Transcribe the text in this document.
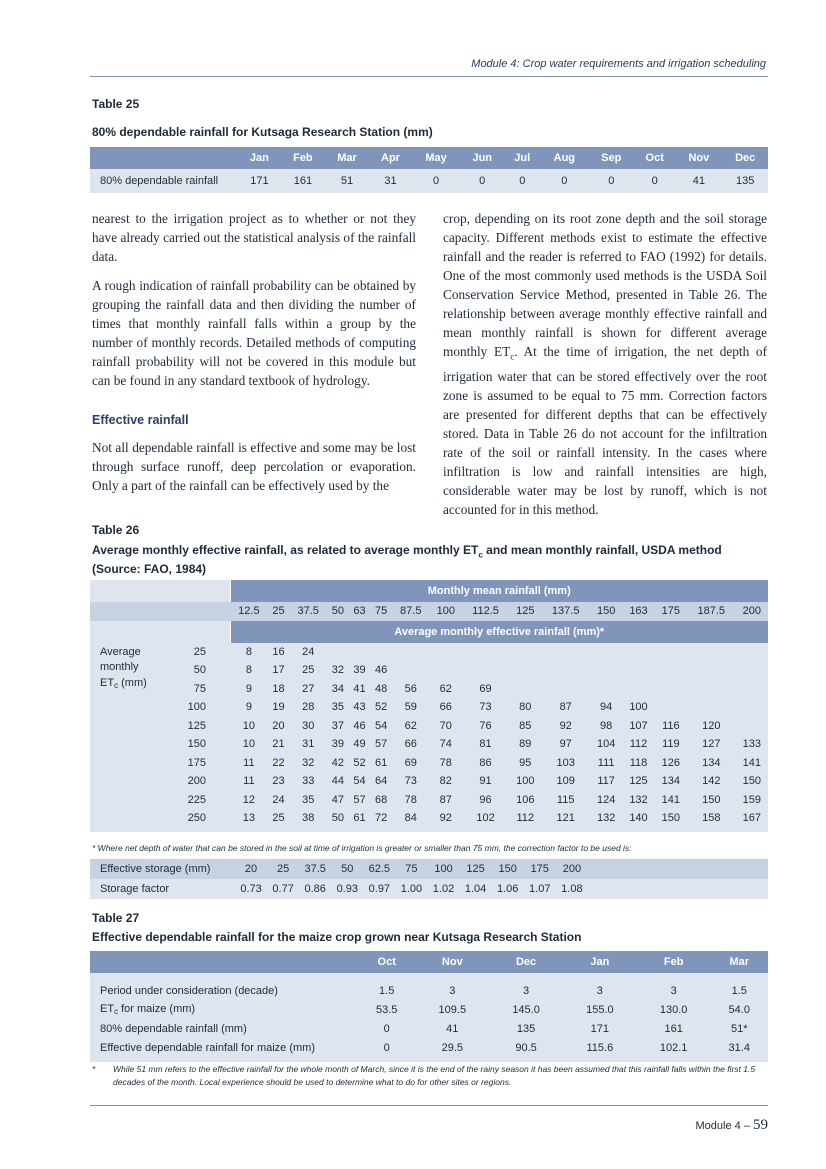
Module 4: Crop water requirements and irrigation scheduling
Table 25
80% dependable rainfall for Kutsaga Research Station (mm)
	Jan	Feb	Mar	Apr	May	Jun	Jul	Aug	Sep	Oct	Nov	Dec
80% dependable rainfall	171	161	51	31	0	0	0	0	0	0	41	135

nearest to the irrigation project as to whether or not they have already carried out the statistical analysis of the rainfall data.

A rough indication of rainfall probability can be obtained by grouping the rainfall data and then dividing the number of times that monthly rainfall falls within a group by the number of monthly records. Detailed methods of computing rainfall probability will not be covered in this module but can be found in any standard textbook of hydrology.

Effective rainfall

Not all dependable rainfall is effective and some may be lost through surface runoff, deep percolation or evaporation. Only a part of the rainfall can be effectively used by the

crop, depending on its root zone depth and the soil storage capacity. Different methods exist to estimate the effective rainfall and the reader is referred to FAO (1992) for details. One of the most commonly used methods is the USDA Soil Conservation Service Method, presented in Table 26. The relationship between average monthly effective rainfall and mean monthly rainfall is shown for different average monthly $ET_c$. At the time of irrigation, the net depth of irrigation water that can be stored effectively over the root zone is assumed to be equal to 75 mm. Correction factors are presented for different depths that can be effectively stored. Data in Table 26 do not account for the infiltration rate of the soil or rainfall intensity. In the cases where infiltration is low and rainfall intensities are high, considerable water may be lost by runoff, which is not accounted for in this method.

Table 26
Average monthly effective rainfall, as related to average monthly $ET_c$ and mean monthly rainfall, USDA method
(Source: FAO, 1984)
		Monthly mean rainfall (mm)															
		12.5	25	37.5	50	63	75	87.5	100	112.5	125	137.5	150	163	175	187.5	200
		Average monthly effective rainfall (mm)*															

Average
monthly
$ET_c$ (mm)	25	8	16	24													
	50	8	17	25	32	39	46										
	75	9	18	27	34	41	48	56	62	69							
	100	9	19	28	35	43	52	59	66	73	80	87	94	100			
	125	10	20	30	37	46	54	62	70	76	85	92	98	107	116	120	
	150	10	21	31	39	49	57	66	74	81	89	97	104	112	119	127	133
	175	11	22	32	42	52	61	69	78	86	95	103	111	118	126	134	141
	200	11	23	33	44	54	64	73	82	91	100	109	117	125	134	142	150
	225	12	24	35	47	57	68	78	87	96	106	115	124	132	141	150	159
	250	13	25	38	50	61	72	84	92	102	112	121	132	140	150	158	167
* Where net depth of water that can be stored in the soil at time of irrigation is greater or smaller than 75 mm, the correction factor to be used is:
Effective storage (mm)	20	25	37.5	50	62.5	75	100	125	150	175	200	
Storage factor	0.73	0.77	0.86	0.93	0.97	1.00	1.02	1.04	1.06	1.07	1.08	
Table 27
Effective dependable rainfall for the maize crop grown near Kutsaga Research Station
	Oct	Nov	Dec	Jan	Feb	Mar

Period under consideration (decade)	1.5	3	3	3	3	1.5
$ET_c$ for maize (mm)	53.5	109.5	145.0	155.0	130.0	54.0
80% dependable rainfall (mm)	0	41	135	171	161	51*
Effective dependable rainfall for maize (mm)	0	29.5	90.5	115.6	102.1	31.4
* While 51 mm refers to the effective rainfall for the whole month of March, since it is the end of the rainy season it has been assumed that this rainfall falls within the first 1.5 decades of the month. Local experience should be used to determine what to do for other sites or regions.
Module 4 – 59
